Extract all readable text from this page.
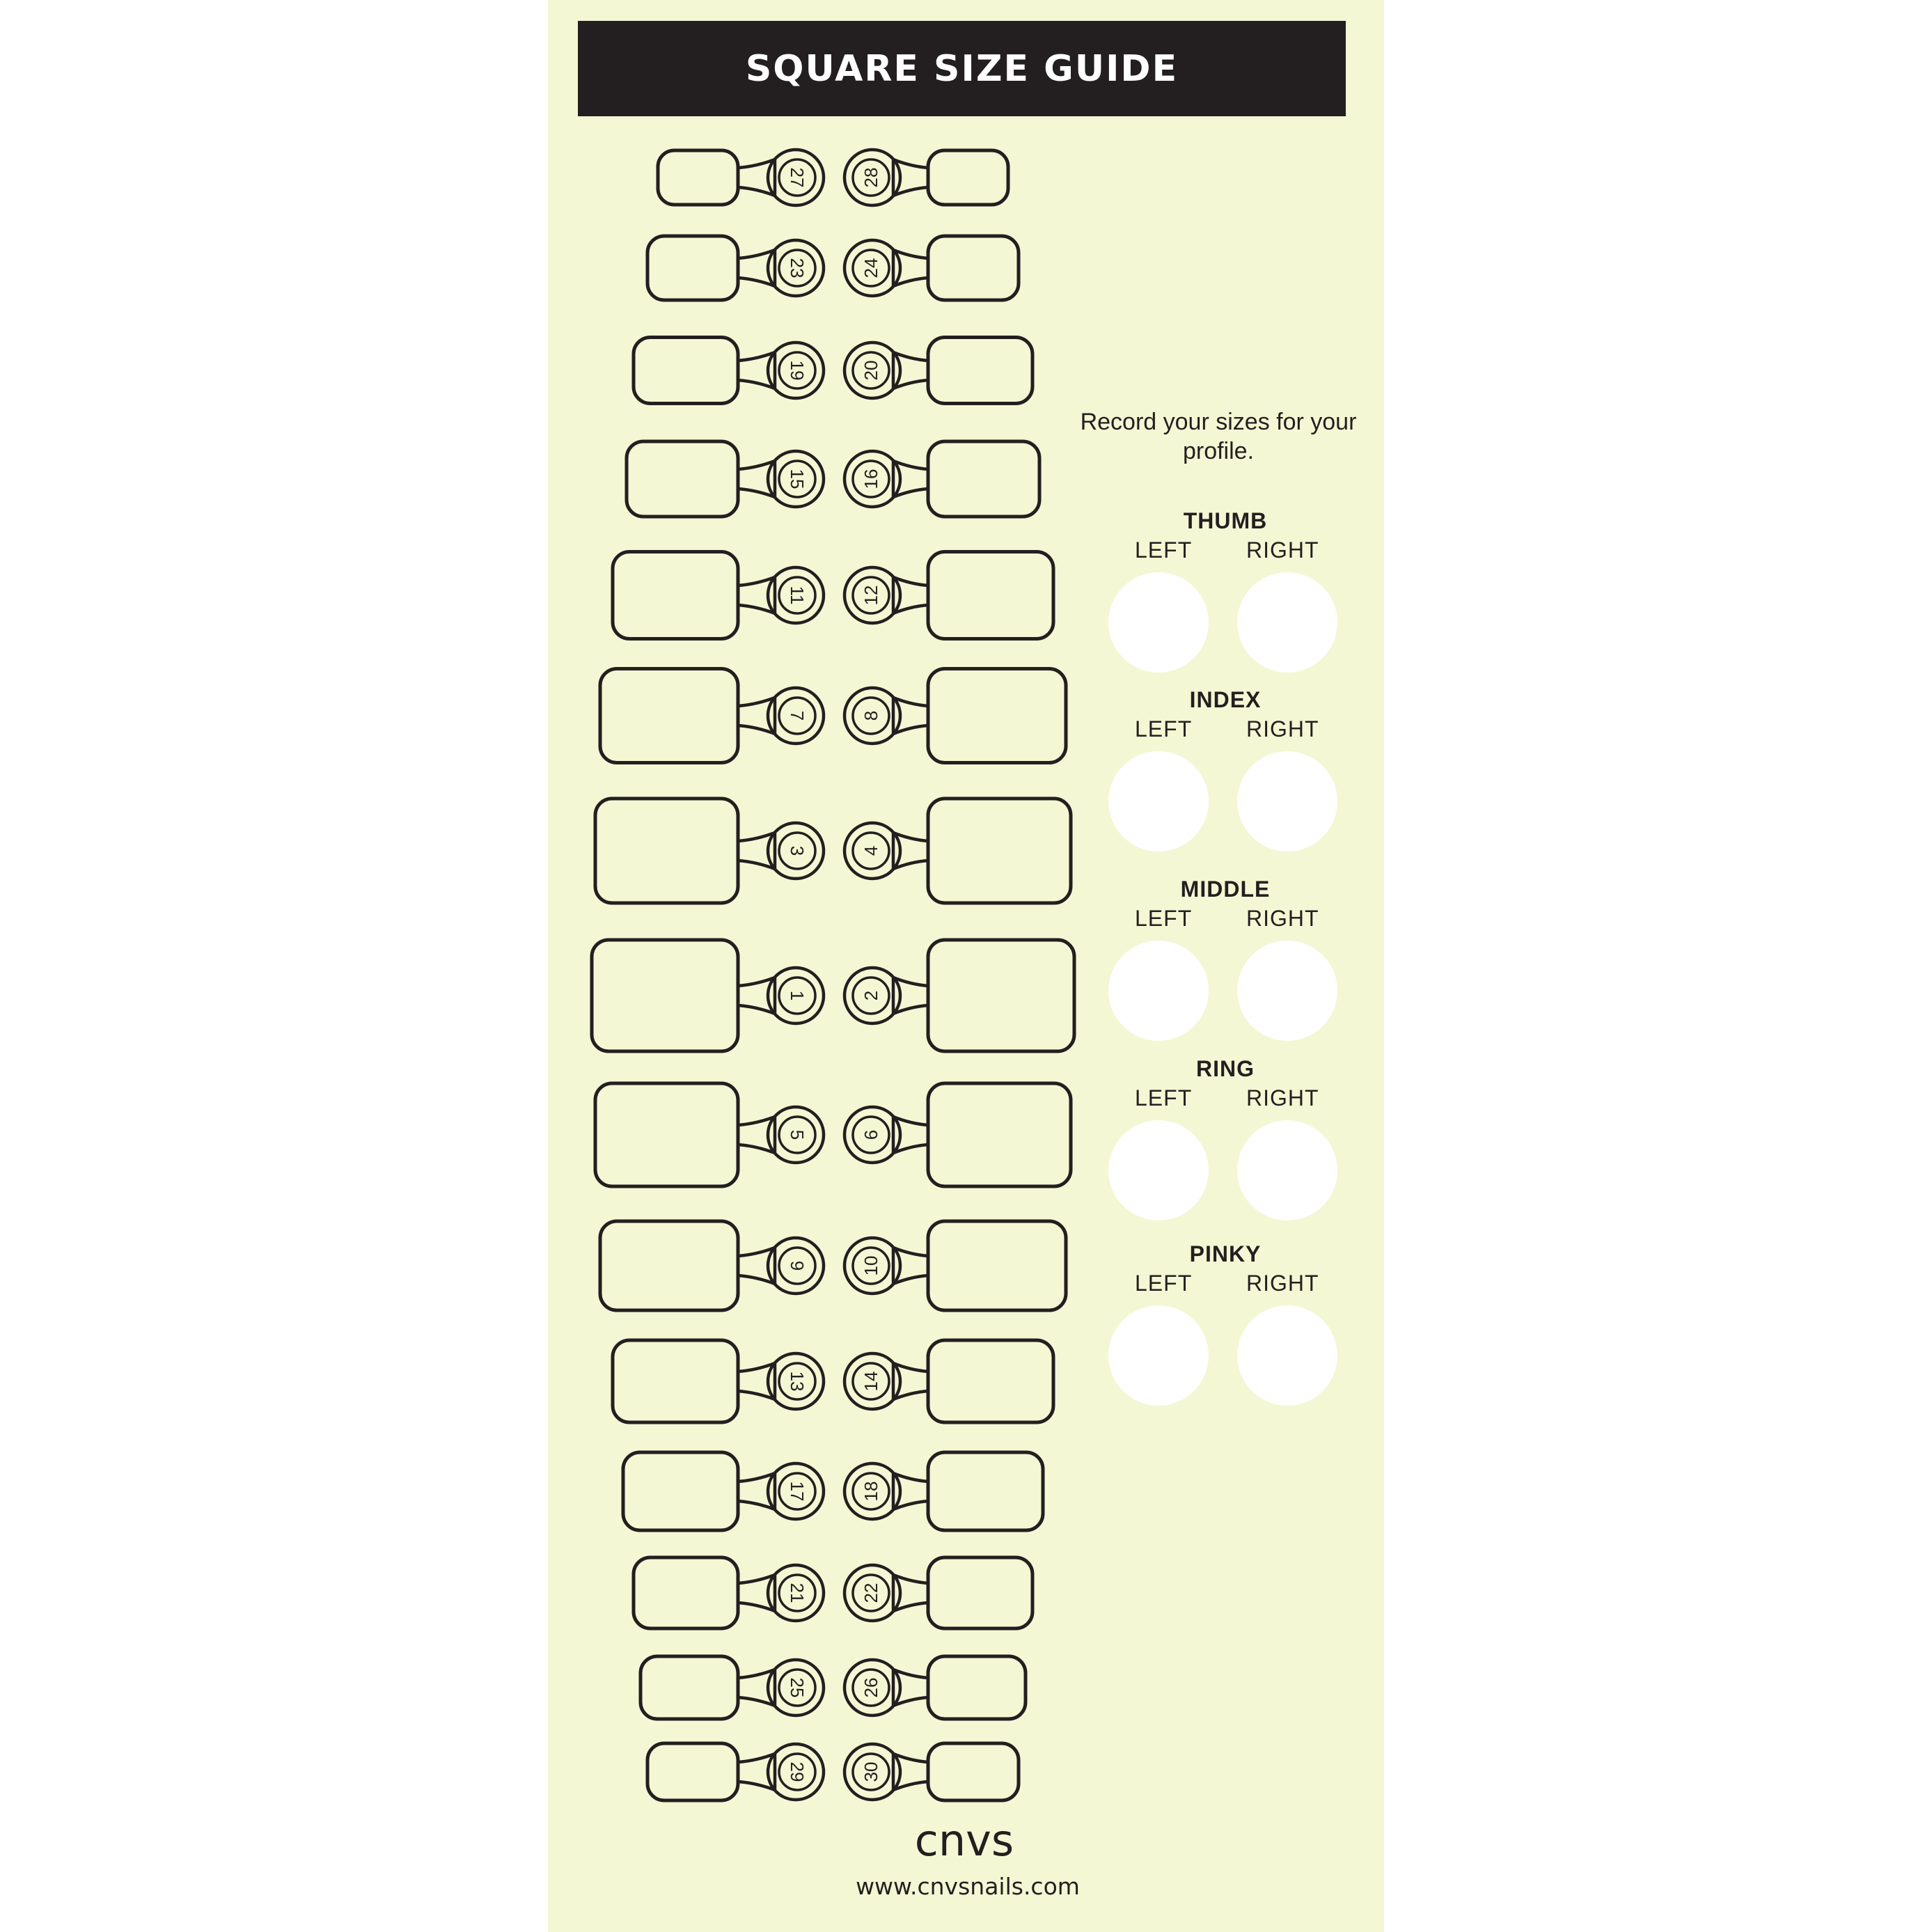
SQUARE SIZE GUIDE
27	28
23	24
19	20
15	16
11	12
7	8
3	4
1	2
5	6
9	10
13	14
17	18
21	22
25	26
29	30
Record your sizes for your profile.
THUMB
LEFT RIGHT
INDEX
LEFT RIGHT
MIDDLE
LEFT RIGHT
RING
LEFT RIGHT
PINKY
LEFT RIGHT
cnvs
www.cnvsnails.com
